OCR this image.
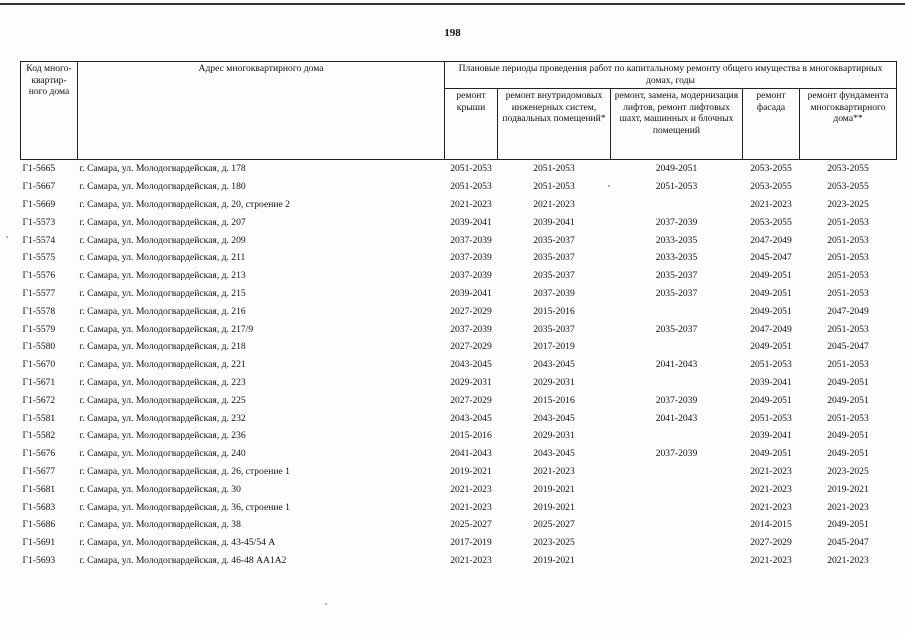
198
Код много-квартир-ного дома	Адрес многоквартирного дома	Плановые периоды проведения работ по капитальному ремонту общего имущества в многоквартирных домах, годы				
		ремонт крыши	ремонт внутридомовых инженерных систем, подвальных помещений*	ремонт, замена, модернизация лифтов, ремонт лифтовых шахт, машинных и блочных помещений	ремонт фасада	ремонт фундамента многоквартирного дома**
Г1-5665	г. Самара, ул. Молодогвардейская, д. 178	2051-2053	2051-2053	2049-2051	2053-2055	2053-2055
Г1-5667	г. Самара, ул. Молодогвардейская, д. 180	2051-2053	2051-2053	2051-2053	2053-2055	2053-2055
Г1-5669	г. Самара, ул. Молодогвардейская, д. 20, строение 2	2021-2023	2021-2023		2021-2023	2023-2025
Г1-5573	г. Самара, ул. Молодогвардейская, д. 207	2039-2041	2039-2041	2037-2039	2053-2055	2051-2053
Г1-5574	г. Самара, ул. Молодогвардейская, д. 209	2037-2039	2035-2037	2033-2035	2047-2049	2051-2053
Г1-5575	г. Самара, ул. Молодогвардейская, д. 211	2037-2039	2035-2037	2033-2035	2045-2047	2051-2053
Г1-5576	г. Самара, ул. Молодогвардейская, д. 213	2037-2039	2035-2037	2035-2037	2049-2051	2051-2053
Г1-5577	г. Самара, ул. Молодогвардейская, д. 215	2039-2041	2037-2039	2035-2037	2049-2051	2051-2053
Г1-5578	г. Самара, ул. Молодогвардейская, д. 216	2027-2029	2015-2016		2049-2051	2047-2049
Г1-5579	г. Самара, ул. Молодогвардейская, д. 217/9	2037-2039	2035-2037	2035-2037	2047-2049	2051-2053
Г1-5580	г. Самара, ул. Молодогвардейская, д. 218	2027-2029	2017-2019		2049-2051	2045-2047
Г1-5670	г. Самара, ул. Молодогвардейская, д. 221	2043-2045	2043-2045	2041-2043	2051-2053	2051-2053
Г1-5671	г. Самара, ул. Молодогвардейская, д. 223	2029-2031	2029-2031		2039-2041	2049-2051
Г1-5672	г. Самара, ул. Молодогвардейская, д. 225	2027-2029	2015-2016	2037-2039	2049-2051	2049-2051
Г1-5581	г. Самара, ул. Молодогвардейская, д. 232	2043-2045	2043-2045	2041-2043	2051-2053	2051-2053
Г1-5582	г. Самара, ул. Молодогвардейская, д. 236	2015-2016	2029-2031		2039-2041	2049-2051
Г1-5676	г. Самара, ул. Молодогвардейская, д. 240	2041-2043	2043-2045	2037-2039	2049-2051	2049-2051
Г1-5677	г. Самара, ул. Молодогвардейская, д. 26, строение 1	2019-2021	2021-2023		2021-2023	2023-2025
Г1-5681	г. Самара, ул. Молодогвардейская, д. 30	2021-2023	2019-2021		2021-2023	2019-2021
Г1-5683	г. Самара, ул. Молодогвардейская, д. 36, строение 1	2021-2023	2019-2021		2021-2023	2021-2023
Г1-5686	г. Самара, ул. Молодогвардейская, д. 38	2025-2027	2025-2027		2014-2015	2049-2051
Г1-5691	г. Самара, ул. Молодогвардейская, д. 43-45/54 А	2017-2019	2023-2025		2027-2029	2045-2047
Г1-5693	г. Самара, ул. Молодогвардейская, д. 46-48 АА1А2	2021-2023	2019-2021		2021-2023	2021-2023
